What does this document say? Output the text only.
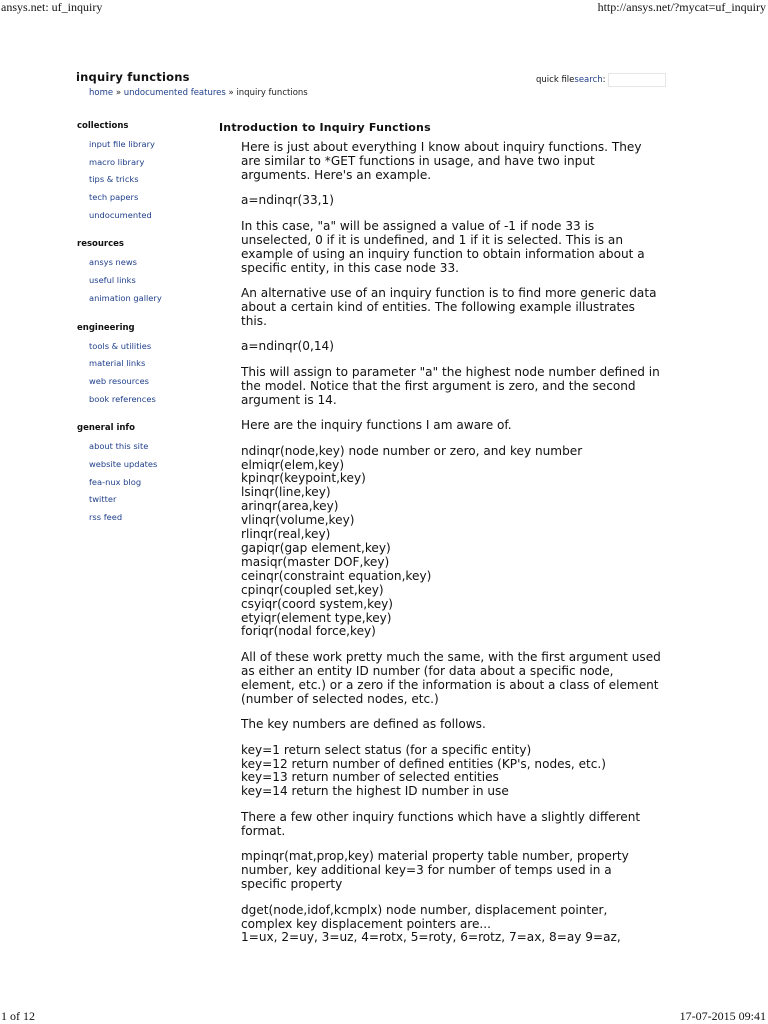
ansys.net: uf_inquiry	http://ansys.net/?mycat=uf_inquiry
inquiry functions
home » undocumented features » inquiry functions
quick file search :
collections
input file library
macro library
tips & tricks
tech papers
undocumented
resources
ansys news
useful links
animation gallery
engineering
tools & utilities
material links
web resources
book references
general info
about this site
website updates
fea-nux blog
twitter
rss feed
Introduction to Inquiry Functions

Here is just about everything I know about inquiry functions. They are similar to *GET functions in usage, and have two input arguments. Here's an example.

a=ndinqr(33,1)

In this case, "a" will be assigned a value of -1 if node 33 is unselected, 0 if it is undefined, and 1 if it is selected. This is an example of using an inquiry function to obtain information about a specific entity, in this case node 33.

An alternative use of an inquiry function is to find more generic data about a certain kind of entities. The following example illustrates this.

a=ndinqr(0,14)

This will assign to parameter "a" the highest node number defined in the model. Notice that the first argument is zero, and the second argument is 14.

Here are the inquiry functions I am aware of.

ndinqr(node,key) node number or zero, and key number
elmiqr(elem,key)
kpinqr(keypoint,key)
lsinqr(line,key)
arinqr(area,key)
vlinqr(volume,key)
rlinqr(real,key)
gapiqr(gap element,key)
masiqr(master DOF,key)
ceinqr(constraint equation,key)
cpinqr(coupled set,key)
csyiqr(coord system,key)
etyiqr(element type,key)
foriqr(nodal force,key)

All of these work pretty much the same, with the first argument used as either an entity ID number (for data about a specific node, element, etc.) or a zero if the information is about a class of element (number of selected nodes, etc.)

The key numbers are defined as follows.

key=1 return select status (for a specific entity)
key=12 return number of defined entities (KP's, nodes, etc.)
key=13 return number of selected entities
key=14 return the highest ID number in use

There a few other inquiry functions which have a slightly different format.

mpinqr(mat,prop,key) material property table number, property number, key additional key=3 for number of temps used in a specific property

dget(node,idof,kcmplx) node number, displacement pointer, complex key displacement pointers are...
1=ux, 2=uy, 3=uz, 4=rotx, 5=roty, 6=rotz, 7=ax, 8=ay 9=az,

1 of 12	17-07-2015 09:41
